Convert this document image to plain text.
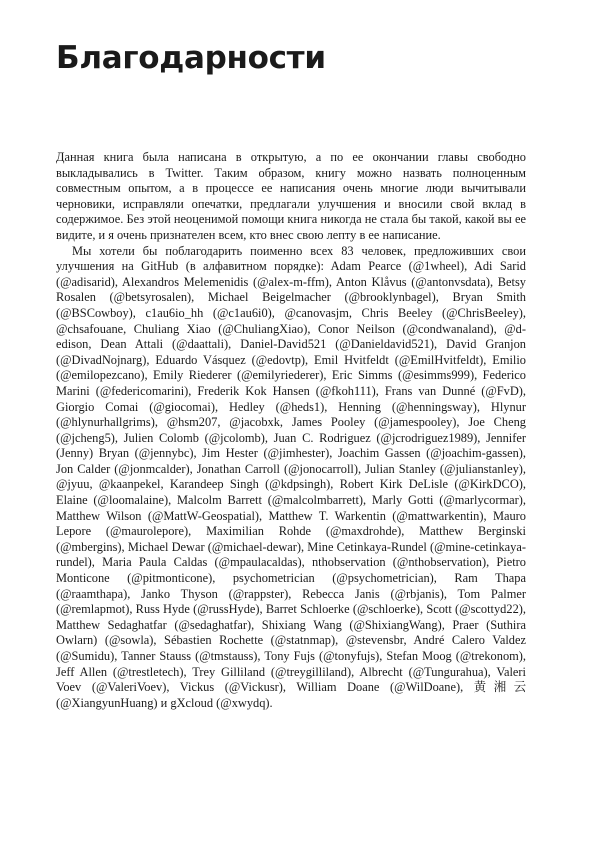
Благодарности

Данная книга была написана в открытую, а по ее окончании главы свободно выкладывались в Twitter. Таким образом, книгу можно назвать полноценным совместным опытом, а в процессе ее написания очень многие люди вычитывали черновики, исправляли опечатки, предлагали улучшения и вносили свой вклад в содержимое. Без этой неоценимой помощи книга никогда не стала бы такой, какой вы ее видите, и я очень признателен всем, кто внес свою лепту в ее написание.

Мы хотели бы поблагодарить поименно всех 83 человек, предложивших свои улучшения на GitHub (в алфавитном порядке): Adam Pearce (@1wheel), Adi Sarid (@adisarid), Alexandros Melemenidis (@alex-m-ffm), Anton Klåvus (@antonvsdata), Betsy Rosalen (@betsyrosalen), Michael Beigelmacher (@brooklynbagel), Bryan Smith (@BSCowboy), c1au6io_hh (@c1au6i0), @canovasjm, Chris Beeley (@ChrisBeeley), @chsafouane, Chuliang Xiao (@ChuliangXiao), Conor Neilson (@condwanaland), @d-edison, Dean Attali (@daattali), Daniel-David521 (@Danieldavid521), David Granjon (@DivadNojnarg), Eduardo Vásquez (@edovtp), Emil Hvitfeldt (@EmilHvitfeldt), Emilio (@emilopezcano), Emily Riederer (@emilyriederer), Eric Simms (@esimms999), Federico Marini (@federicomarini), Frederik Kok Hansen (@fkoh111), Frans van Dunné (@FvD), Giorgio Comai (@giocomai), Hedley (@heds1), Henning (@henningsway), Hlynur (@hlynurhallgrims), @hsm207, @jacobxk, James Pooley (@jamespooley), Joe Cheng (@jcheng5), Julien Colomb (@jcolomb), Juan C. Rodriguez (@jcrodriguez1989), Jennifer (Jenny) Bryan (@jennybc), Jim Hester (@jimhester), Joachim Gassen (@joachim-gassen), Jon Calder (@jonmcalder), Jonathan Carroll (@jonocarroll), Julian Stanley (@julianstanley), @jyuu, @kaanpekel, Karandeep Singh (@kdpsingh), Robert Kirk DeLisle (@KirkDCO), Elaine (@loomalaine), Malcolm Barrett (@malcolmbarrett), Marly Gotti (@marlycormar), Matthew Wilson (@MattW-Geospatial), Matthew T. Warkentin (@mattwarkentin), Mauro Lepore (@maurolepore), Maximilian Rohde (@maxdrohde), Matthew Berginski (@mbergins), Michael Dewar (@michael-dewar), Mine Cetinkaya-Rundel (@mine-cetinkaya-rundel), Maria Paula Caldas (@mpaulacaldas), nthobservation (@nthobservation), Pietro Monticone (@pitmonticone), psychometrician (@psychometrician), Ram Thapa (@raamthapa), Janko Thyson (@rappster), Rebecca Janis (@rbjanis), Tom Palmer (@remlapmot), Russ Hyde (@russHyde), Barret Schloerke (@schloerke), Scott (@scottyd22), Matthew Sedaghatfar (@sedaghatfar), Shixiang Wang (@ShixiangWang), Praer (Suthira Owlarn) (@sowla), Sébastien Rochette (@statnmap), @stevensbr, André Calero Valdez (@Sumidu), Tanner Stauss (@tmstauss), Tony Fujs (@tonyfujs), Stefan Moog (@trekonom), Jeff Allen (@trestletech), Trey Gilliland (@treygilliland), Albrecht (@Tungurahua), Valeri Voev (@ValeriVoev), Vickus (@Vickusr), William Doane (@WilDoane), 黄湘云 (@XiangyunHuang) и gXcloud (@xwydq).
